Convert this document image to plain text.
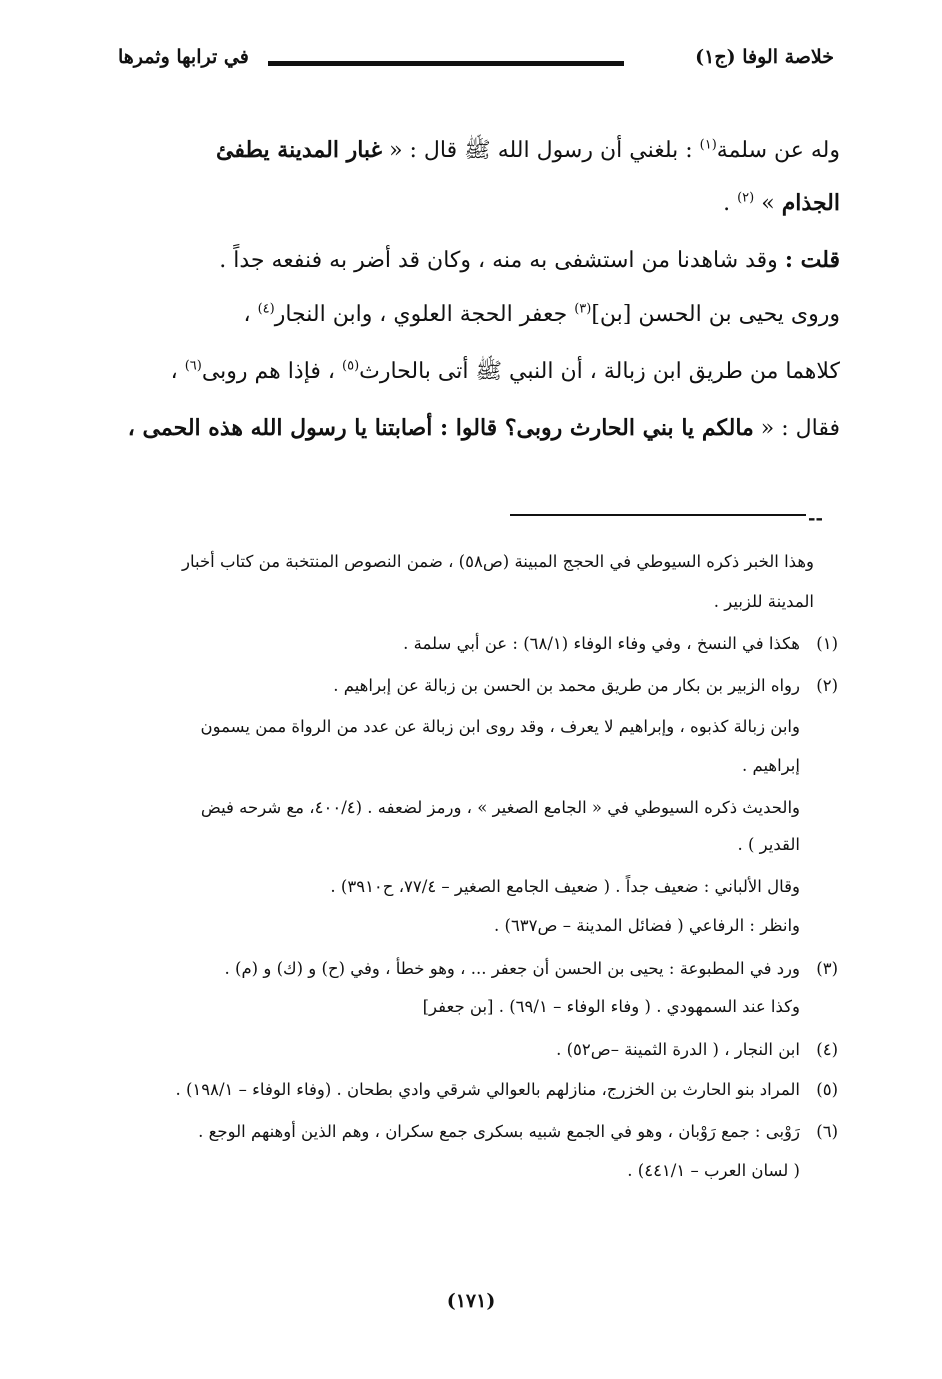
خلاصة الوفا (ج١)
في ترابها وثمرها

وله عن سلمة$^{(١)}$ : بلغني أن رسول الله ﷺ قال : « غبار المدينة يطفئ

الجذام » $^{(٢)}$ .

قلت : وقد شاهدنا من استشفى به منه ، وكان قد أضر به فنفعه جداً .

وروى يحيى بن الحسن [بن]$^{(٣)}$ جعفر الحجة العلوي ، وابن النجار$^{(٤)}$ ،

كلاهما من طريق ابن زبالة ، أن النبي ﷺ أتى بالحارث$^{(٥)}$ ، فإذا هم روبى$^{(٦)}$ ،

فقال : « مالكم يا بني الحارث روبى؟ قالوا : أصابتنا يا رسول الله هذه الحمى ،

--
وهذا الخبر ذكره السيوطي في الحجج المبينة (ص٥٨) ، ضمن النصوص المنتخبة من كتاب أخبار
المدينة للزبير .
(١)هكذا في النسخ ، وفي وفاء الوفاء (٦٨/١) : عن أبي سلمة .
(٢)رواه الزبير بن بكار من طريق محمد بن الحسن بن زبالة عن إبراهيم .
وابن زبالة كذبوه ، وإبراهيم لا يعرف ، وقد روى ابن زبالة عن عدد من الرواة ممن يسمون
إبراهيم .
والحديث ذكره السيوطي في « الجامع الصغير » ، ورمز لضعفه . (٤٠٠/٤، مع شرحه فيض
القدير ) .
وقال الألباني : ضعيف جداً . ( ضعيف الجامع الصغير – ٧٧/٤، ح٣٩١٠) .
وانظر : الرفاعي ( فضائل المدينة – ص٦٣٧) .
(٣)ورد في المطبوعة : يحيى بن الحسن أن جعفر ... ، وهو خطأ ، وفي (ح) و (ك) و (م) .
وكذا عند السمهودي . ( وفاء الوفاء – ٦٩/١) . [بن جعفر]
(٤)ابن النجار ، ( الدرة الثمينة –ص٥٢) .
(٥)المراد بنو الحارث بن الخزرج، منازلهم بالعوالي شرقي وادي بطحان . (وفاء الوفاء – ١٩٨/١) .
(٦)رَوْبى : جمع رَوْبان ، وهو في الجمع شبيه بسكرى جمع سكران ، وهم الذين أوهنهم الوجع .
( لسان العرب – ٤٤١/١) .
(١٧١)
